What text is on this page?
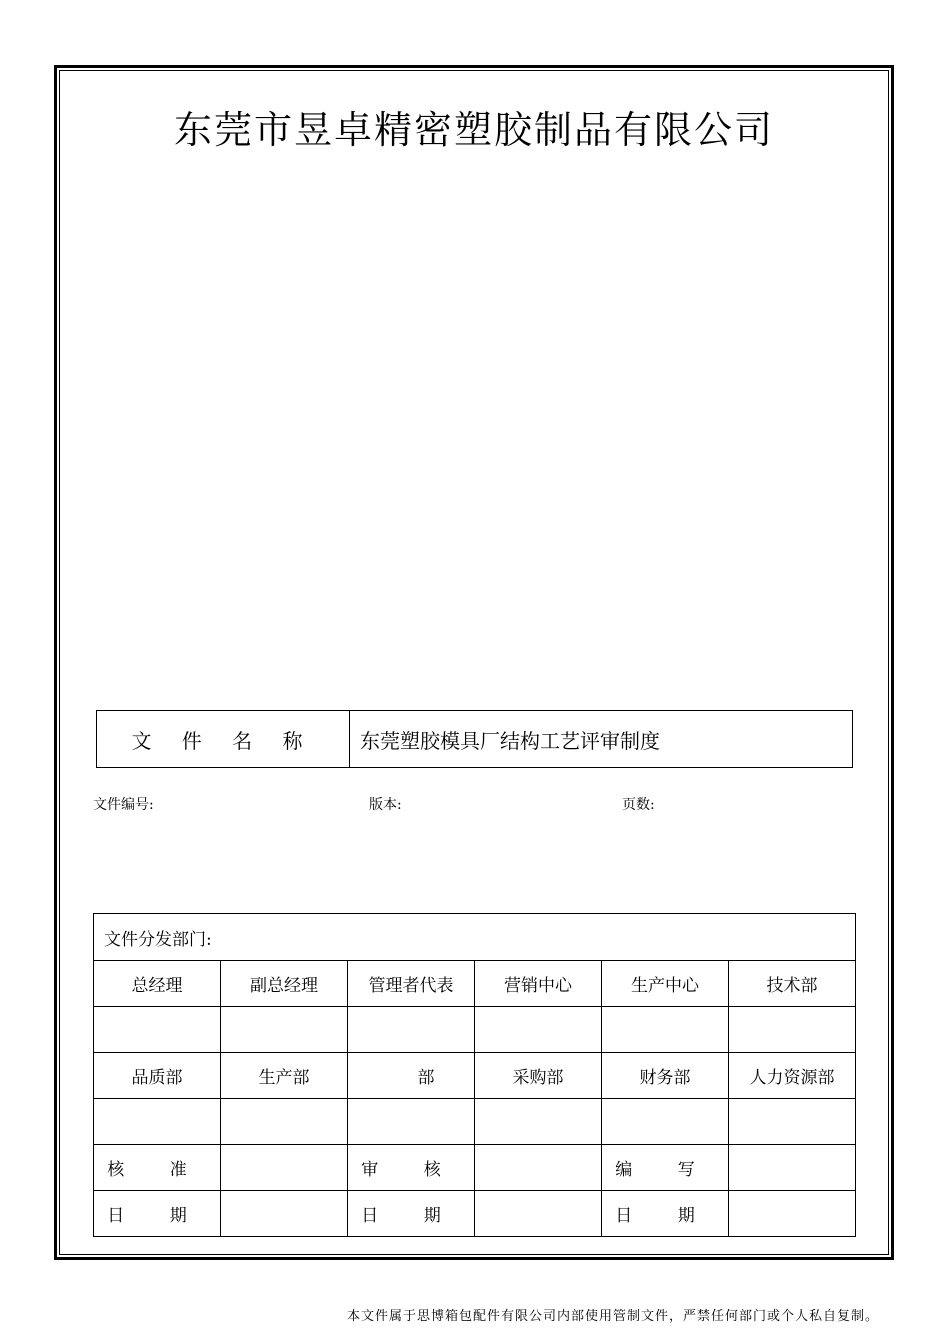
东莞市昱卓精密塑胶制品有限公司
文 件 名 称	东莞塑胶模具厂结构工艺评审制度
文件编号:	版本:	页数:
文件分发部门:					
总经理	副总经理	管理者代表	营销中心	生产中心	技术部

品质部	生产部	部	采购部	财务部	人力资源部

核 准		审 核		编 写	
日 期		日 期		日 期	
本文件属于思博箱包配件有限公司内部使用管制文件，严禁任何部门或个人私自复制。
